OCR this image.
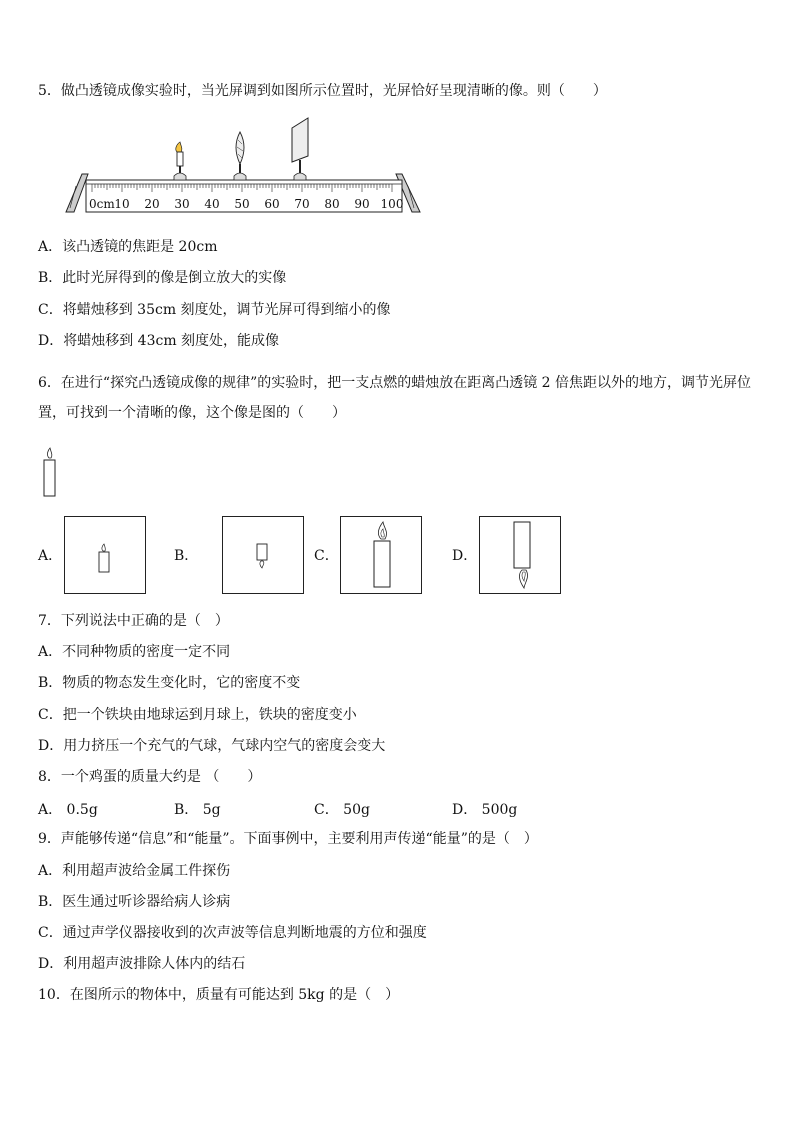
5．做凸透镜成像实验时，当光屏调到如图所示位置时，光屏恰好呈现清晰的像。则（　　）
0cm 10 20 30 40 50 60 70 80 90 100
A．该凸透镜的焦距是 20cm
B．此时光屏得到的像是倒立放大的实像
C．将蜡烛移到 35cm 刻度处，调节光屏可得到缩小的像
D．将蜡烛移到 43cm 刻度处，能成像
6．在进行“探究凸透镜成像的规律”的实验时，把一支点燃的蜡烛放在距离凸透镜 2 倍焦距以外的地方，调节光屏位
置，可找到一个清晰的像，这个像是图的（　　）
A．	B．	C．	D．
7．下列说法中正确的是（　）
A．不同种物质的密度一定不同
B．物质的物态发生变化时，它的密度不变
C．把一个铁块由地球运到月球上，铁块的密度变小
D．用力挤压一个充气的气球，气球内空气的密度会变大
8．一个鸡蛋的质量大约是 （　　）
A． 0.5g	B． 5g	C． 50g	D． 500g
9．声能够传递“信息”和“能量”。下面事例中，主要利用声传递“能量”的是（　）
A．利用超声波给金属工件探伤
B．医生通过听诊器给病人诊病
C．通过声学仪器接收到的次声波等信息判断地震的方位和强度
D．利用超声波排除人体内的结石
10．在图所示的物体中，质量有可能达到 5kg 的是（　）
